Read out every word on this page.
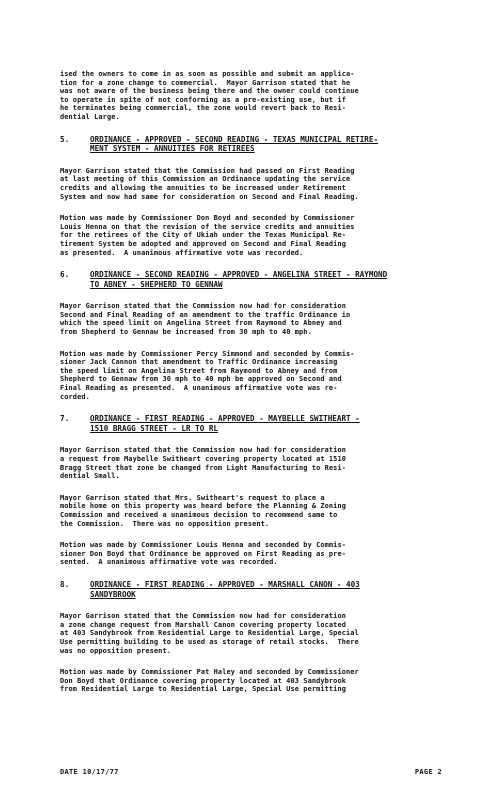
ised the owners to come in as soon as possible and submit an applica-
tion for a zone change to commercial.  Mayor Garrison stated that he
was not aware of the business being there and the owner could continue
to operate in spite of not conforming as a pre-existing use, but if
he terminates being commercial, the zone would revert back to Resi-
dential Large.

5.	ORDINANCE - APPROVED - SECOND READING - TEXAS MUNICIPAL RETIRE-
MENT SYSTEM - ANNUITIES FOR RETIREES

Mayor Garrison stated that the Commission had passed on First Reading
at last meeting of this Commission an Ordinance updating the service
credits and allowing the annuities to be increased under Retirement
System and now had same for consideration on Second and Final Reading.

Motion was made by Commissioner Don Boyd and seconded by Commissioner
Louis Henna on that the revision of the service credits and annuities
for the retirees of the City of Ukiah under the Texas Municipal Re-
tirement System be adopted and approved on Second and Final Reading
as presented.  A unanimous affirmative vote was recorded.

6.	ORDINANCE - SECOND READING - APPROVED - ANGELINA STREET - RAYMOND
TO ABNEY - SHEPHERD TO GENNAW

Mayor Garrison stated that the Commission now had for consideration
Second and Final Reading of an amendment to the traffic Ordinance in
which the speed limit on Angelina Street from Raymond to Abney and
from Shepherd to Gennaw be increased from 30 mph to 40 mph.

Motion was made by Commissioner Percy Simmond and seconded by Commis-
sioner Jack Cannon that amendment to Traffic Ordinance increasing
the speed limit on Angelina Street from Raymond to Abney and from
Shepherd to Gennaw from 30 mph to 40 mph be approved on Second and
Final Reading as presented.  A unanimous affirmative vote was re-
corded.

7.	ORDINANCE - FIRST READING - APPROVED - MAYBELLE SWITHEART -
1510 BRAGG STREET - LR TO RL

Mayor Garrison stated that the Commission now had for consideration
a request from Maybelle Switheart covering property located at 1510
Bragg Street that zone be changed from Light Manufacturing to Resi-
dential Small.

Mayor Garrison stated that Mrs. Switheart's request to place a
mobile home on this property was heard before the Planning & Zoning
Commission and received a unanimous decision to recommend same to
the Commission.  There was no opposition present.

Motion was made by Commissioner Louis Henna and seconded by Commis-
sioner Don Boyd that Ordinance be approved on First Reading as pre-
sented.  A unanimous affirmative vote was recorded.

8.	ORDINANCE - FIRST READING - APPROVED - MARSHALL CANON - 403
SANDYBROOK

Mayor Garrison stated that the Commission now had for consideration
a zone change request from Marshall Canon covering property located
at 403 Sandybrook from Residential Large to Residential Large, Special
Use permitting building to be used as storage of retail stocks.  There
was no opposition present.

Motion was made by Commissioner Pat Haley and seconded by Commissioner
Don Boyd that Ordinance covering property located at 403 Sandybrook
from Residential Large to Residential Large, Special Use permitting

DATE 10/17/77	PAGE 2
